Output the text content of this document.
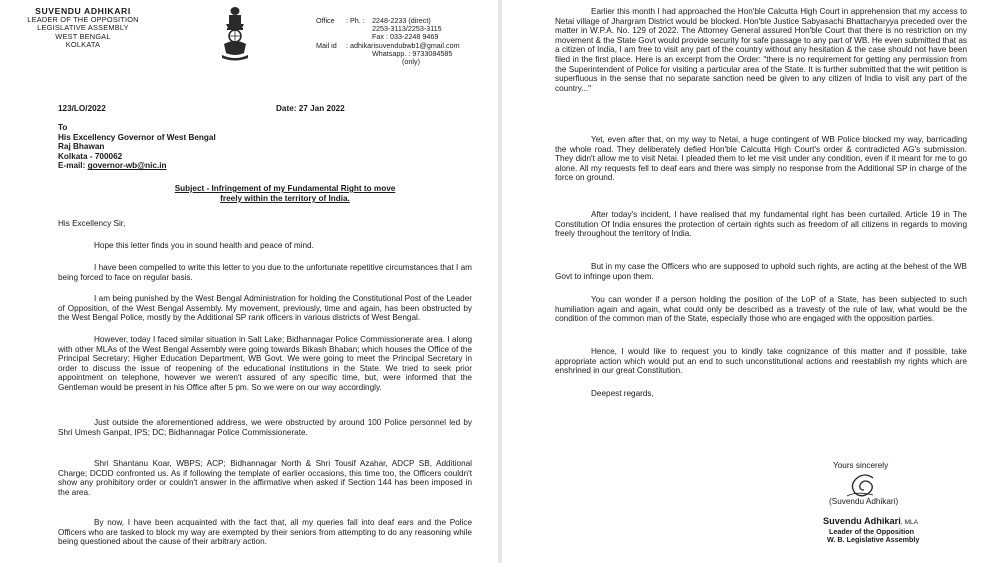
SUVENDU ADHIKARI
LEADER OF THE OPPOSITION
LEGISLATIVE ASSEMBLY
WEST BENGAL
KOLKATA
Office	: Ph. :	2248-2233 (direct)
		2253-3113/2253-3115
		Fax : 033-2248 9469
Mail id	: adhikarisuvendubwb1@gmail.com	
		Whatsapp. : 9733084585
		(only)
123/LO/2022	Date: 27 Jan 2022
To
His Excellency Governor of West Bengal
Raj Bhawan
Kolkata - 700062
E-mail: governor-wb@nic.in
Subject - Infringement of my Fundamental Right to move
freely within the territory of India.
His Excellency Sir,
Hope this letter finds you in sound health and peace of mind.
I have been compelled to write this letter to you due to the unfortunate repetitive circumstances that I am being forced to face on regular basis.
I am being punished by the West Bengal Administration for holding the Constitutional Post of the Leader of Opposition, of the West Bengal Assembly. My movement, previously, time and again, has been obstructed by the West Bengal Police, mostly by the Additional SP rank officers in various districts of West Bengal.
However, today I faced similar situation in Salt Lake; Bidhannagar Police Commissionerate area. I along with other MLAs of the West Bengal Assembly were going towards Bikash Bhaban; which houses the Office of the Principal Secretary; Higher Education Department, WB Govt. We were going to meet the Principal Secretary in order to discuss the issue of reopening of the educational institutions in the State. We tried to seek prior appointment on telephone, however we weren't assured of any specific time, but, were informed that the Gentleman would be present in his Office after 5 pm. So we were on our way accordingly.
Just outside the aforementioned address, we were obstructed by around 100 Police personnel led by Shri Umesh Ganpat, IPS; DC; Bidhannagar Police Commissionerate.
Shri Shantanu Koar, WBPS; ACP; Bidhannagar North & Shri Tousif Azahar, ADCP SB, Additional Charge; DCDD confronted us. As if following the template of earlier occasions, this time too, the Officers couldn't show any prohibitory order or couldn't answer in the affirmative when asked if Section 144 has been imposed in the area.
By now, I have been acquainted with the fact that, all my queries fall into deaf ears and the Police Officers who are tasked to block my way are exempted by their seniors from attempting to do any reasoning while being questioned about the cause of their arbitrary action.
Earlier this month I had approached the Hon'ble Calcutta High Court in apprehension that my access to Netai village of Jhargram District would be blocked. Hon'ble Justice Sabyasachi Bhattacharyya preceded over the matter in W.P.A. No. 129 of 2022. The Attorney General assured Hon'ble Court that there is no restriction on my movement & the State Govt would provide security for safe passage to any part of WB. He even submitted that as a citizen of India, I am free to visit any part of the country without any hesitation & the case should not have been filed in the first place. Here is an excerpt from the Order: "there is no requirement for getting any permission from the Superintendent of Police for visiting a particular area of the State. It is further submitted that the writ petition is superfluous in the sense that no separate sanction need be given to any citizen of India to visit any part of the country..."
Yet, even after that, on my way to Netai, a huge contingent of WB Police blocked my way, barricading the whole road. They deliberately defied Hon'ble Calcutta High Court's order & contradicted AG's submission. They didn't allow me to visit Netai. I pleaded them to let me visit under any condition, even if it meant for me to go alone. All my requests fell to deaf ears and there was simply no response from the Additional SP in charge of the force on ground.
After today's incident, I have realised that my fundamental right has been curtailed. Article 19 in The Constitution Of India ensures the protection of certain rights such as freedom of all citizens in regards to moving freely throughout the territory of India.
But in my case the Officers who are supposed to uphold such rights, are acting at the behest of the WB Govt to infringe upon them.
You can wonder if a person holding the position of the LoP of a State, has been subjected to such humiliation again and again, what could only be described as a travesty of the rule of law, what would be the condition of the common man of the State, especially those who are engaged with the opposition parties.
Hence, I would like to request you to kindly take cognizance of this matter and if possible, take appropriate action which would put an end to such unconstitutional actions and reestablish my rights which are enshrined in our great Constitution.
Deepest regards,
Yours sincerely
(Suvendu Adhikari)
Suvendu Adhikari, MLA
Leader of the Opposition
W. B. Legislative Assembly
